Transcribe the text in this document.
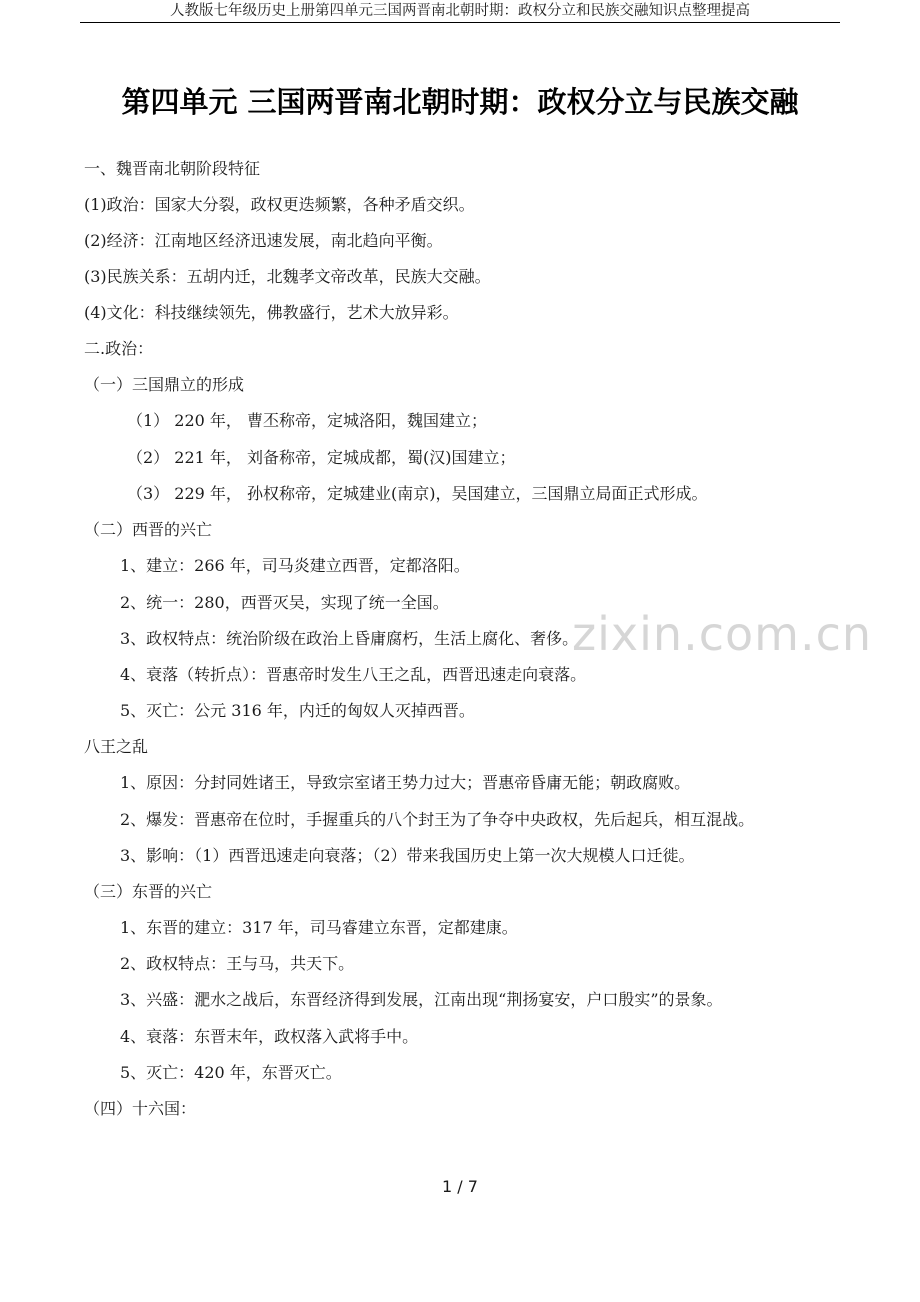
人教版七年级历史上册第四单元三国两晋南北朝时期：政权分立和民族交融知识点整理提高
第四单元 三国两晋南北朝时期：政权分立与民族交融
zixin.com.cn
一、魏晋南北朝阶段特征
(1)政治：国家大分裂，政权更迭频繁，各种矛盾交织。
(2)经济：江南地区经济迅速发展，南北趋向平衡。
(3)民族关系：五胡内迁，北魏孝文帝改革，民族大交融。
(4)文化：科技继续领先，佛教盛行，艺术大放异彩。
二.政治：
（一）三国鼎立的形成
（1） 220 年， 曹丕称帝，定城洛阳，魏国建立；
（2） 221 年， 刘备称帝，定城成都，蜀(汉)国建立；
（3） 229 年， 孙权称帝，定城建业(南京)，吴国建立，三国鼎立局面正式形成。
（二）西晋的兴亡
1、建立：266 年，司马炎建立西晋，定都洛阳。
2、统一：280，西晋灭吴，实现了统一全国。
3、政权特点：统治阶级在政治上昏庸腐朽，生活上腐化、奢侈。
4、衰落（转折点）：晋惠帝时发生八王之乱，西晋迅速走向衰落。
5、灭亡：公元 316 年，内迁的匈奴人灭掉西晋。
八王之乱
1、原因：分封同姓诸王，导致宗室诸王势力过大；晋惠帝昏庸无能；朝政腐败。
2、爆发：晋惠帝在位时，手握重兵的八个封王为了争夺中央政权，先后起兵，相互混战。
3、影响：（1）西晋迅速走向衰落；（2）带来我国历史上第一次大规模人口迁徙。
（三）东晋的兴亡
1、东晋的建立：317 年，司马睿建立东晋，定都建康。
2、政权特点：王与马，共天下。
3、兴盛：淝水之战后，东晋经济得到发展，江南出现“荆扬宴安，户口殷实”的景象。
4、衰落：东晋末年，政权落入武将手中。
5、灭亡：420 年，东晋灭亡。
（四）十六国：
1 / 7
